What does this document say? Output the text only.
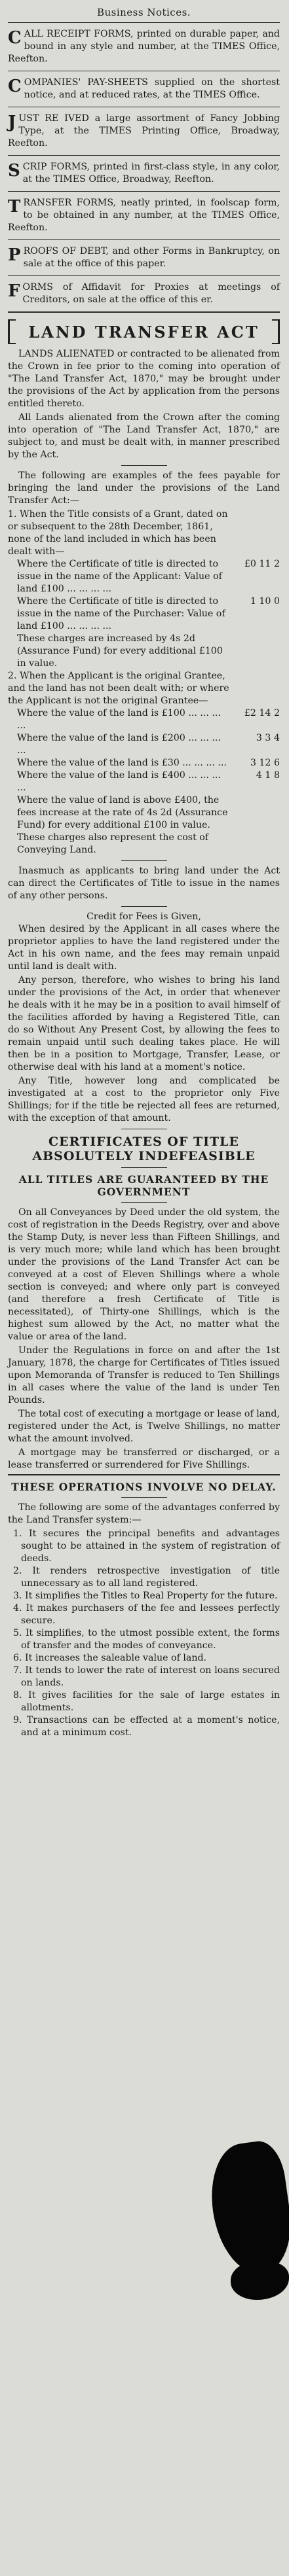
Business Notices.
CALL RECEIPT FORMS, printed on durable paper, and bound in any style and number, at the TIMES Office, Reefton.
COMPANIES' PAY-SHEETS supplied on the shortest notice, and at reduced rates, at the TIMES Office.
JUST RE IVED a large assortment of Fancy Jobbing Type, at the TIMES Printing Office, Broadway, Reefton.
SCRIP FORMS, printed in first-class style, in any color, at the TIMES Office, Broadway, Reefton.
TRANSFER FORMS, neatly printed, in foolscap form, to be obtained in any number, at the TIMES Office, Reefton.
PROOFS OF DEBT, and other Forms in Bankruptcy, on sale at the office of this paper.
FORMS of Affidavit for Proxies at meetings of Creditors, on sale at the office of this er.
LAND TRANSFER ACT

LANDS ALIENATED or contracted to be alienated from the Crown in fee prior to the coming into operation of "The Land Transfer Act, 1870," may be brought under the provisions of the Act by application from the persons entitled thereto.

All Lands alienated from the Crown after the coming into operation of "The Land Transfer Act, 1870," are subject to, and must be dealt with, in manner prescribed by the Act.

The following are examples of the fees payable for bringing the land under the provisions of the Land Transfer Act:—

1. When the Title consists of a Grant, dated on or subsequent to the 28th December, 1861, none of the land included in which has been dealt with—
Where the Certificate of title is directed to issue in the name of the Applicant: Value of land £100 ... ... ... ...
£0 11 2
Where the Certificate of title is directed to issue in the name of the Purchaser: Value of land £100 ... ... ... ...
1 10 0
These charges are increased by 4s 2d (Assurance Fund) for every additional £100 in value.
2. When the Applicant is the original Grantee, and the land has not been dealt with; or where the Applicant is not the original Grantee—
Where the value of the land is £100 ... ... ... ...
£2 14 2
Where the value of the land is £200 ... ... ... ...
3 3 4
Where the value of the land is £30 ... ... ... ...	3 12 6
Where the value of the land is £400 ... ... ... ...
4 1 8
Where the value of land is above £400, the fees increase at the rate of 4s 2d (Assurance Fund) for every additional £100 in value.
These charges also represent the cost of Conveying Land.

Inasmuch as applicants to bring land under the Act can direct the Certificates of Title to issue in the names of any other persons.

Credit for Fees is Given,

When desired by the Applicant in all cases where the proprietor applies to have the land registered under the Act in his own name, and the fees may remain unpaid until land is dealt with.

Any person, therefore, who wishes to bring his land under the provisions of the Act, in order that whenever he deals with it he may be in a position to avail himself of the facilities afforded by having a Registered Title, can do so Without Any Present Cost, by allowing the fees to remain unpaid until such dealing takes place. He will then be in a position to Mortgage, Transfer, Lease, or otherwise deal with his land at a moment's notice.

Any Title, however long and complicated be investigated at a cost to the proprietor only Five Shillings; for if the title be rejected all fees are returned, with the exception of that amount.

CERTIFICATES OF TITLE ABSOLUTELY INDEFEASIBLE
ALL TITLES ARE GUARANTEED BY THE GOVERNMENT

On all Conveyances by Deed under the old system, the cost of registration in the Deeds Registry, over and above the Stamp Duty, is never less than Fifteen Shillings, and is very much more; while land which has been brought under the provisions of the Land Transfer Act can be conveyed at a cost of Eleven Shillings where a whole section is conveyed; and where only part is conveyed (and therefore a fresh Certificate of Title is necessitated), of Thirty-one Shillings, which is the highest sum allowed by the Act, no matter what the value or area of the land.

Under the Regulations in force on and after the 1st January, 1878, the charge for Certificates of Titles issued upon Memoranda of Transfer is reduced to Ten Shillings in all cases where the value of the land is under Ten Pounds.

The total cost of executing a mortgage or lease of land, registered under the Act, is Twelve Shillings, no matter what the amount involved.

A mortgage may be transferred or discharged, or a lease transferred or surrendered for Five Shillings.

THESE OPERATIONS INVOLVE NO DELAY.

The following are some of the advantages conferred by the Land Transfer system:—

1. It secures the principal benefits and advantages sought to be attained in the system of registration of deeds.

2. It renders retrospective investigation of title unnecessary as to all land registered.

3. It simplifies the Titles to Real Property for the future.

4. It makes purchasers of the fee and lessees perfectly secure.

5. It simplifies, to the utmost possible extent, the forms of transfer and the modes of conveyance.

6. It increases the saleable value of land.

7. It tends to lower the rate of interest on loans secured on lands.

8. It gives facilities for the sale of large estates in allotments.

9. Transactions can be effected at a moment's notice, and at a minimum cost.
